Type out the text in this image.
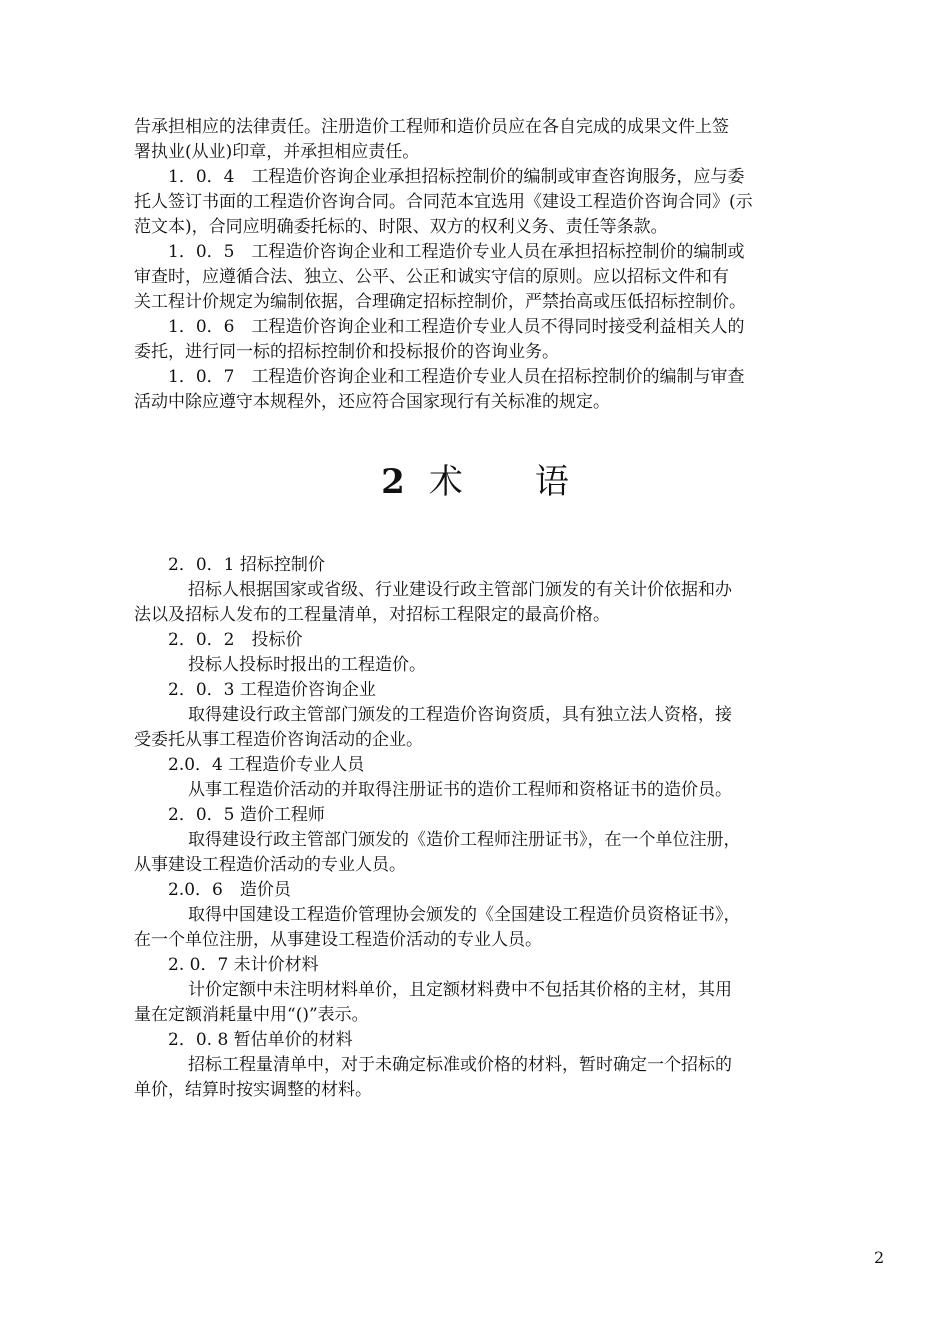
告承担相应的法律责任。注册造价工程师和造价员应在各自完成的成果文件上签
署执业(从业)印章，并承担相应责任。
1．0．4　工程造价咨询企业承担招标控制价的编制或审查咨询服务，应与委
托人签订书面的工程造价咨询合同。合同范本宜选用《建设工程造价咨询合同》(示
范文本)，合同应明确委托标的、时限、双方的权利义务、责任等条款。
1．0．5　工程造价咨询企业和工程造价专业人员在承担招标控制价的编制或
审查时，应遵循合法、独立、公平、公正和诚实守信的原则。应以招标文件和有
关工程计价规定为编制依据，合理确定招标控制价，严禁抬高或压低招标控制价。
1．0．6　工程造价咨询企业和工程造价专业人员不得同时接受利益相关人的
委托，进行同一标的招标控制价和投标报价的咨询业务。
1．0．7　工程造价咨询企业和工程造价专业人员在招标控制价的编制与审查
活动中除应遵守本规程外，还应符合国家现行有关标准的规定。
2 术 语
2．0．1 招标控制价
招标人根据国家或省级、行业建设行政主管部门颁发的有关计价依据和办
法以及招标人发布的工程量清单，对招标工程限定的最高价格。
2．0．2　投标价
投标人投标时报出的工程造价。
2．0．3 工程造价咨询企业
取得建设行政主管部门颁发的工程造价咨询资质，具有独立法人资格，接
受委托从事工程造价咨询活动的企业。
2.0．4 工程造价专业人员
从事工程造价活动的并取得注册证书的造价工程师和资格证书的造价员。
2．0．5 造价工程师
取得建设行政主管部门颁发的《造价工程师注册证书》，在一个单位注册，
从事建设工程造价活动的专业人员。
2.0．6　造价员
取得中国建设工程造价管理协会颁发的《全国建设工程造价员资格证书》，
在一个单位注册，从事建设工程造价活动的专业人员。
2. 0．7 未计价材料
计价定额中未注明材料单价，且定额材料费中不包括其价格的主材，其用
量在定额消耗量中用“()”表示。
2．0. 8 暂估单价的材料
招标工程量清单中，对于未确定标准或价格的材料，暂时确定一个招标的
单价，结算时按实调整的材料。
2
